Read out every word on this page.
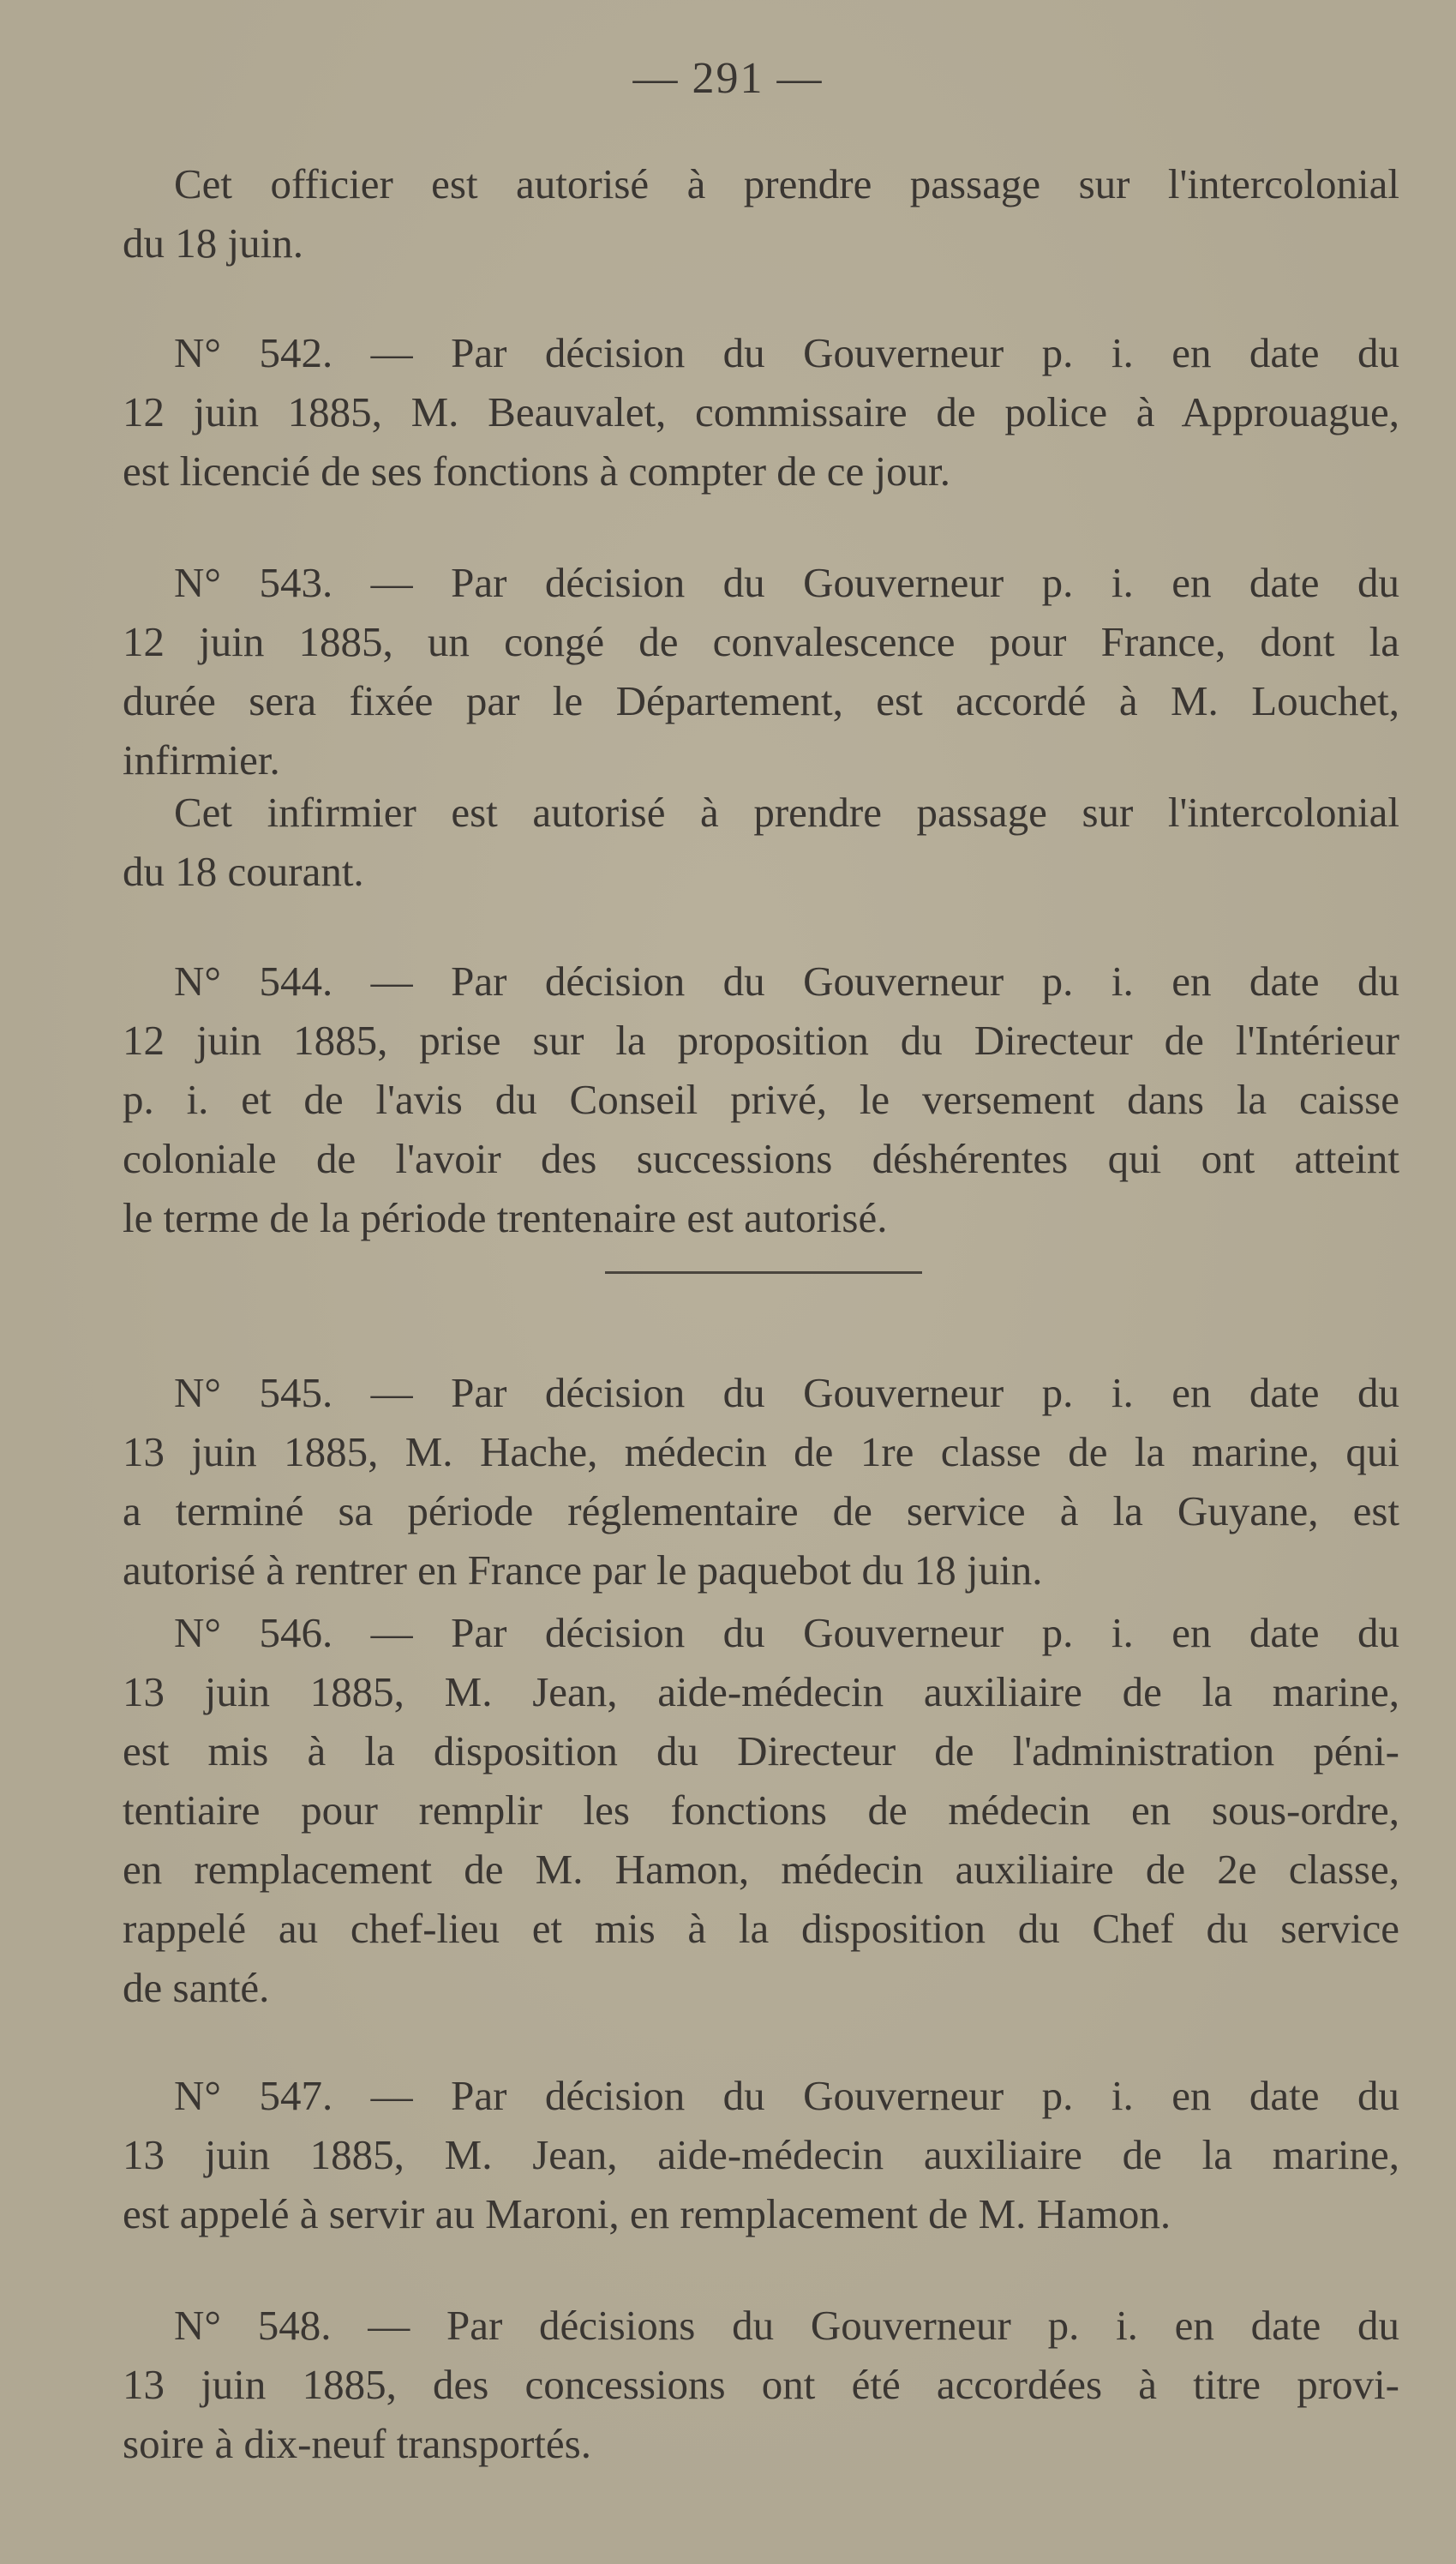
— 291 —
Cet officier est autorisé à prendre passage sur l'intercolonial
du 18 juin.
N° 542. — Par décision du Gouverneur p. i. en date du
12 juin 1885, M. Beauvalet, commissaire de police à Approuague,
est licencié de ses fonctions à compter de ce jour.
N° 543. — Par décision du Gouverneur p. i. en date du
12 juin 1885, un congé de convalescence pour France, dont la
durée sera fixée par le Département, est accordé à M. Louchet,
infirmier.
Cet infirmier est autorisé à prendre passage sur l'intercolonial
du 18 courant.
N° 544. — Par décision du Gouverneur p. i. en date du
12 juin 1885, prise sur la proposition du Directeur de l'Intérieur
p. i. et de l'avis du Conseil privé, le versement dans la caisse
coloniale de l'avoir des successions déshérentes qui ont atteint
le terme de la période trentenaire est autorisé.
N° 545. — Par décision du Gouverneur p. i. en date du
13 juin 1885, M. Hache, médecin de 1re classe de la marine, qui
a terminé sa période réglementaire de service à la Guyane, est
autorisé à rentrer en France par le paquebot du 18 juin.
N° 546. — Par décision du Gouverneur p. i. en date du
13 juin 1885, M. Jean, aide-médecin auxiliaire de la marine,
est mis à la disposition du Directeur de l'administration péni-
tentiaire pour remplir les fonctions de médecin en sous-ordre,
en remplacement de M. Hamon, médecin auxiliaire de 2e classe,
rappelé au chef-lieu et mis à la disposition du Chef du service
de santé.
N° 547. — Par décision du Gouverneur p. i. en date du
13 juin 1885, M. Jean, aide-médecin auxiliaire de la marine,
est appelé à servir au Maroni, en remplacement de M. Hamon.
N° 548. — Par décisions du Gouverneur p. i. en date du
13 juin 1885, des concessions ont été accordées à titre provi-
soire à dix-neuf transportés.
